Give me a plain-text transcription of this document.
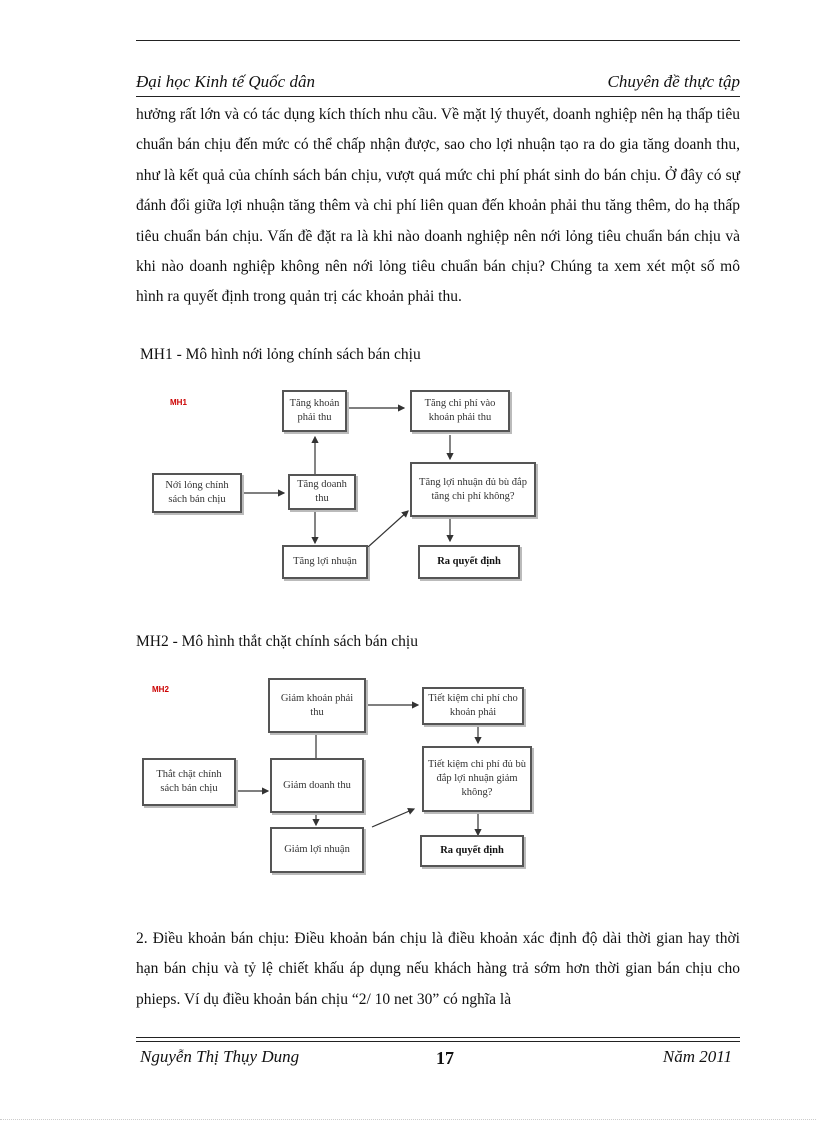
Đại học Kinh tế Quốc dân	Chuyên đề thực tập
hưởng rất lớn và có tác dụng kích thích nhu cầu. Về mặt lý thuyết, doanh nghiệp nên hạ thấp tiêu chuẩn bán chịu đến mức có thể chấp nhận được, sao cho lợi nhuận tạo ra do gia tăng doanh thu, như là kết quả của chính sách bán chịu, vượt quá mức chi phí phát sinh do bán chịu. Ở đây có sự đánh đổi giữa lợi nhuận tăng thêm và chi phí liên quan đến khoản phải thu tăng thêm, do hạ thấp tiêu chuẩn bán chịu. Vấn đề đặt ra là khi nào doanh nghiệp nên nới lỏng tiêu chuẩn bán chịu và khi nào doanh nghiệp không nên nới lỏng tiêu chuẩn bán chịu? Chúng ta xem xét một số mô hình ra quyết định trong quản trị các khoản phải thu.
MH1 - Mô hình nới lỏng chính sách bán chịu
MH1
Nới lỏng chính sách bán chịu
Tăng khoản phải thu
Tăng doanh thu
Tăng lợi nhuận
Tăng chi phí vào khoản phải thu
Tăng lợi nhuận đủ bù đắp tăng chi phí không?
Ra quyết định
MH2 - Mô hình thắt chặt chính sách bán chịu
MH2
Thắt chặt chính sách bán chịu
Giảm khoản phải thu
Giảm doanh thu
Giảm lợi nhuận
Tiết kiệm chi phí cho khoản phải
Tiết kiệm chi phí đủ bù đắp lợi nhuận giảm không?
Ra quyết định
2. Điều khoản bán chịu: Điều khoản bán chịu là điều khoản xác định độ dài thời gian hay thời hạn bán chịu và tỷ lệ chiết khấu áp dụng nếu khách hàng trả sớm hơn thời gian bán chịu cho phieps. Ví dụ điều khoản bán chịu “2/ 10 net 30” có nghĩa là
Nguyễn Thị Thụy Dung	17	Năm 2011
